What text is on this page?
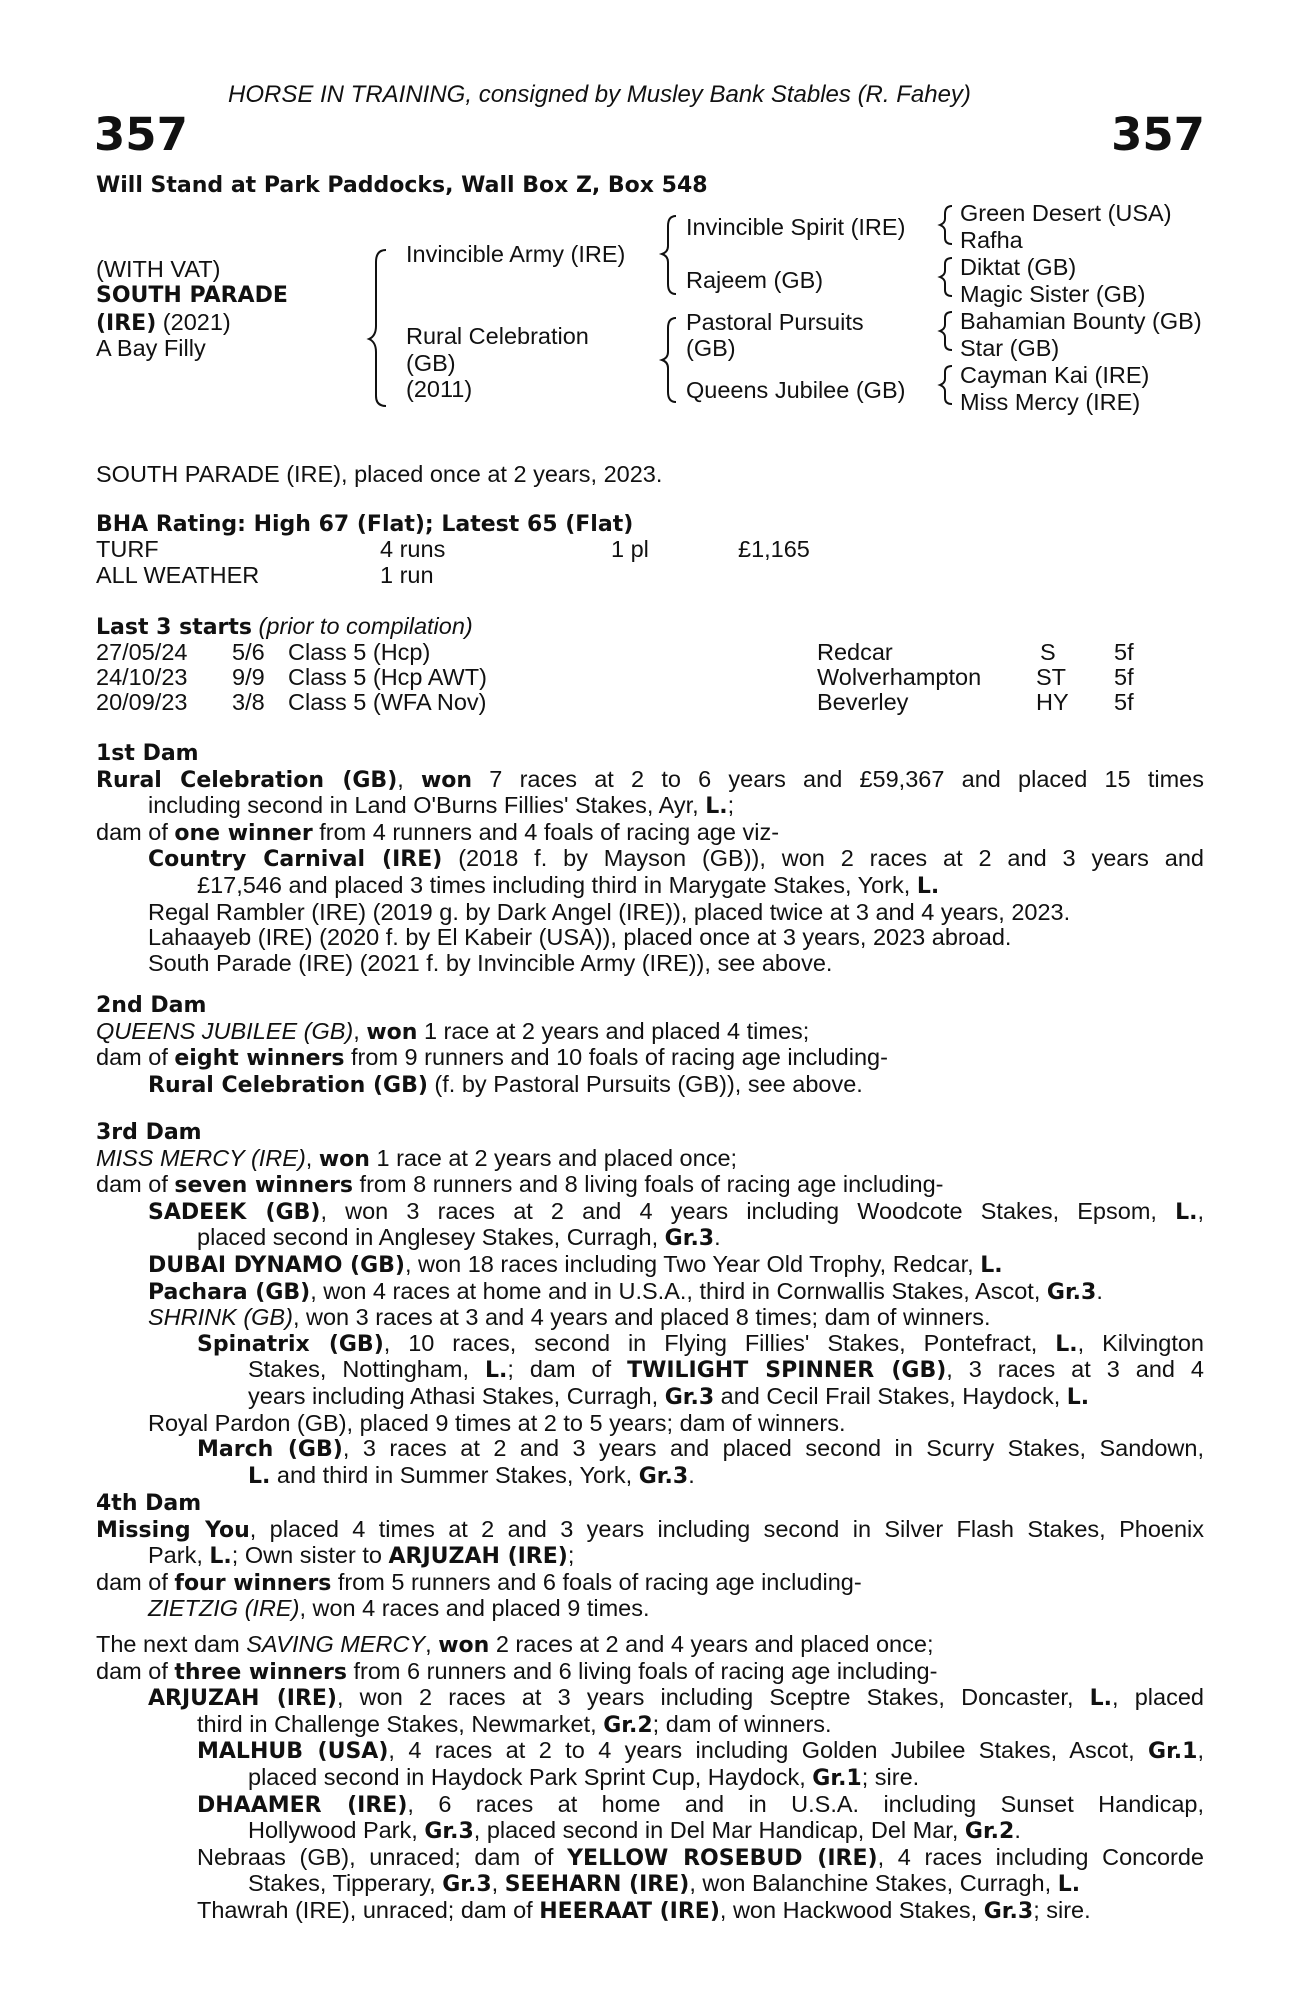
HORSE IN TRAINING, consigned by Musley Bank Stables (R. Fahey)
357	357
Will Stand at Park Paddocks, Wall Box Z, Box 548
(WITH VAT)
SOUTH PARADE
(IRE) (2021)
A Bay Filly
Invincible Army (IRE)
Rural Celebration
(GB)
(2011)
Invincible Spirit (IRE)
Rajeem (GB)
Pastoral Pursuits
(GB)
Queens Jubilee (GB)
Green Desert (USA)
Rafha
Diktat (GB)
Magic Sister (GB)
Bahamian Bounty (GB)
Star (GB)
Cayman Kai (IRE)
Miss Mercy (IRE)
SOUTH PARADE (IRE), placed once at 2 years, 2023.
BHA Rating: High 67 (Flat); Latest 65 (Flat)
TURF	4 runs	1 pl	£1,165
ALL WEATHER	1 run
Last 3 starts (prior to compilation)
27/05/24 5/6 Class 5 (Hcp)	Redcar	S 5f
24/10/23 9/9 Class 5 (Hcp AWT)	Wolverhampton ST 5f
20/09/23 3/8 Class 5 (WFA Nov)	Beverley	HY 5f
1st Dam
Rural Celebration (GB), won 7 races at 2 to 6 years and £59,367 and placed 15 times
including second in Land O'Burns Fillies' Stakes, Ayr, L.;
dam of one winner from 4 runners and 4 foals of racing age viz-
Country Carnival (IRE) (2018 f. by Mayson (GB)), won 2 races at 2 and 3 years and
£17,546 and placed 3 times including third in Marygate Stakes, York, L.
Regal Rambler (IRE) (2019 g. by Dark Angel (IRE)), placed twice at 3 and 4 years, 2023.
Lahaayeb (IRE) (2020 f. by El Kabeir (USA)), placed once at 3 years, 2023 abroad.
South Parade (IRE) (2021 f. by Invincible Army (IRE)), see above.
2nd Dam
QUEENS JUBILEE (GB), won 1 race at 2 years and placed 4 times;
dam of eight winners from 9 runners and 10 foals of racing age including-
Rural Celebration (GB) (f. by Pastoral Pursuits (GB)), see above.
3rd Dam
MISS MERCY (IRE), won 1 race at 2 years and placed once;
dam of seven winners from 8 runners and 8 living foals of racing age including-
SADEEK (GB), won 3 races at 2 and 4 years including Woodcote Stakes, Epsom, L.,
placed second in Anglesey Stakes, Curragh, Gr.3.
DUBAI DYNAMO (GB), won 18 races including Two Year Old Trophy, Redcar, L.
Pachara (GB), won 4 races at home and in U.S.A., third in Cornwallis Stakes, Ascot, Gr.3.
SHRINK (GB), won 3 races at 3 and 4 years and placed 8 times; dam of winners.
Spinatrix (GB), 10 races, second in Flying Fillies' Stakes, Pontefract, L., Kilvington
Stakes, Nottingham, L.; dam of TWILIGHT SPINNER (GB), 3 races at 3 and 4
years including Athasi Stakes, Curragh, Gr.3 and Cecil Frail Stakes, Haydock, L.
Royal Pardon (GB), placed 9 times at 2 to 5 years; dam of winners.
March (GB), 3 races at 2 and 3 years and placed second in Scurry Stakes, Sandown,
L. and third in Summer Stakes, York, Gr.3.
4th Dam
Missing You, placed 4 times at 2 and 3 years including second in Silver Flash Stakes, Phoenix
Park, L.; Own sister to ARJUZAH (IRE);
dam of four winners from 5 runners and 6 foals of racing age including-
ZIETZIG (IRE), won 4 races and placed 9 times.
The next dam SAVING MERCY, won 2 races at 2 and 4 years and placed once;
dam of three winners from 6 runners and 6 living foals of racing age including-
ARJUZAH (IRE), won 2 races at 3 years including Sceptre Stakes, Doncaster, L., placed
third in Challenge Stakes, Newmarket, Gr.2; dam of winners.
MALHUB (USA), 4 races at 2 to 4 years including Golden Jubilee Stakes, Ascot, Gr.1,
placed second in Haydock Park Sprint Cup, Haydock, Gr.1; sire.
DHAAMER (IRE), 6 races at home and in U.S.A. including Sunset Handicap,
Hollywood Park, Gr.3, placed second in Del Mar Handicap, Del Mar, Gr.2.
Nebraas (GB), unraced; dam of YELLOW ROSEBUD (IRE), 4 races including Concorde
Stakes, Tipperary, Gr.3, SEEHARN (IRE), won Balanchine Stakes, Curragh, L.
Thawrah (IRE), unraced; dam of HEERAAT (IRE), won Hackwood Stakes, Gr.3; sire.
